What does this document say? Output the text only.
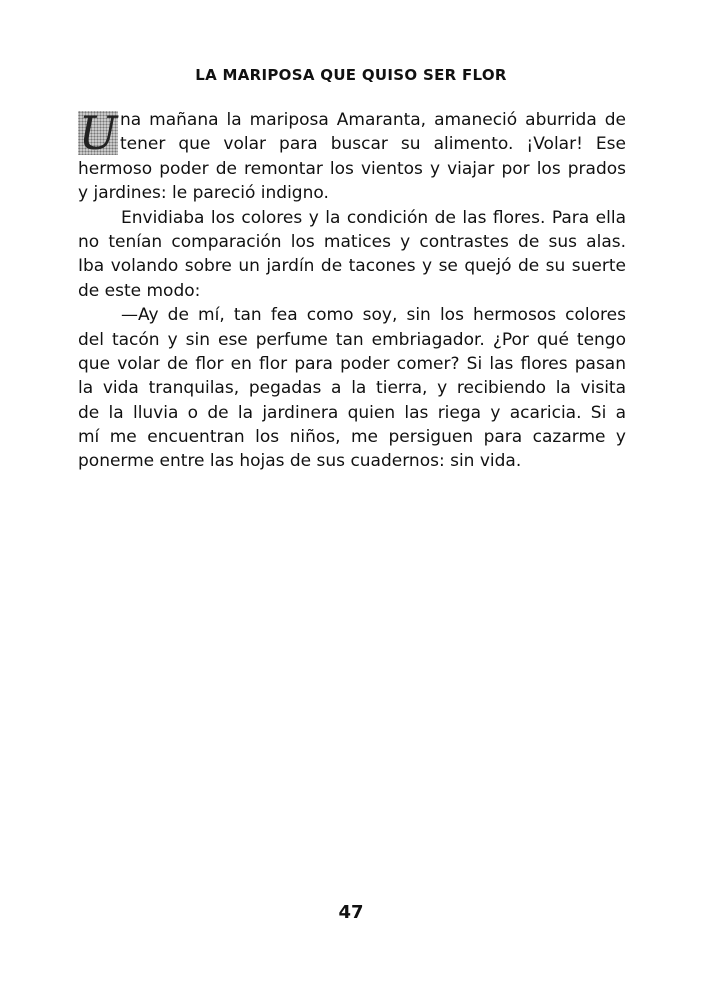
LA MARIPOSA QUE QUISO SER FLOR
U na mañana la mariposa Amaranta, amaneció aburrida de
tener que volar para buscar su alimento. ¡Volar! Ese
hermoso poder de remontar los vientos y viajar por los prados
y jardines: le pareció indigno.
Envidiaba los colores y la condición de las flores. Para ella
no tenían comparación los matices y contrastes de sus alas.
Iba volando sobre un jardín de tacones y se quejó de su suerte
de este modo:
—Ay de mí, tan fea como soy, sin los hermosos colores
del tacón y sin ese perfume tan embriagador. ¿Por qué tengo
que volar de flor en flor para poder comer? Si las flores pasan
la vida tranquilas, pegadas a la tierra, y recibiendo la visita
de la lluvia o de la jardinera quien las riega y acaricia. Si a
mí me encuentran los niños, me persiguen para cazarme y
ponerme entre las hojas de sus cuadernos: sin vida.
47
